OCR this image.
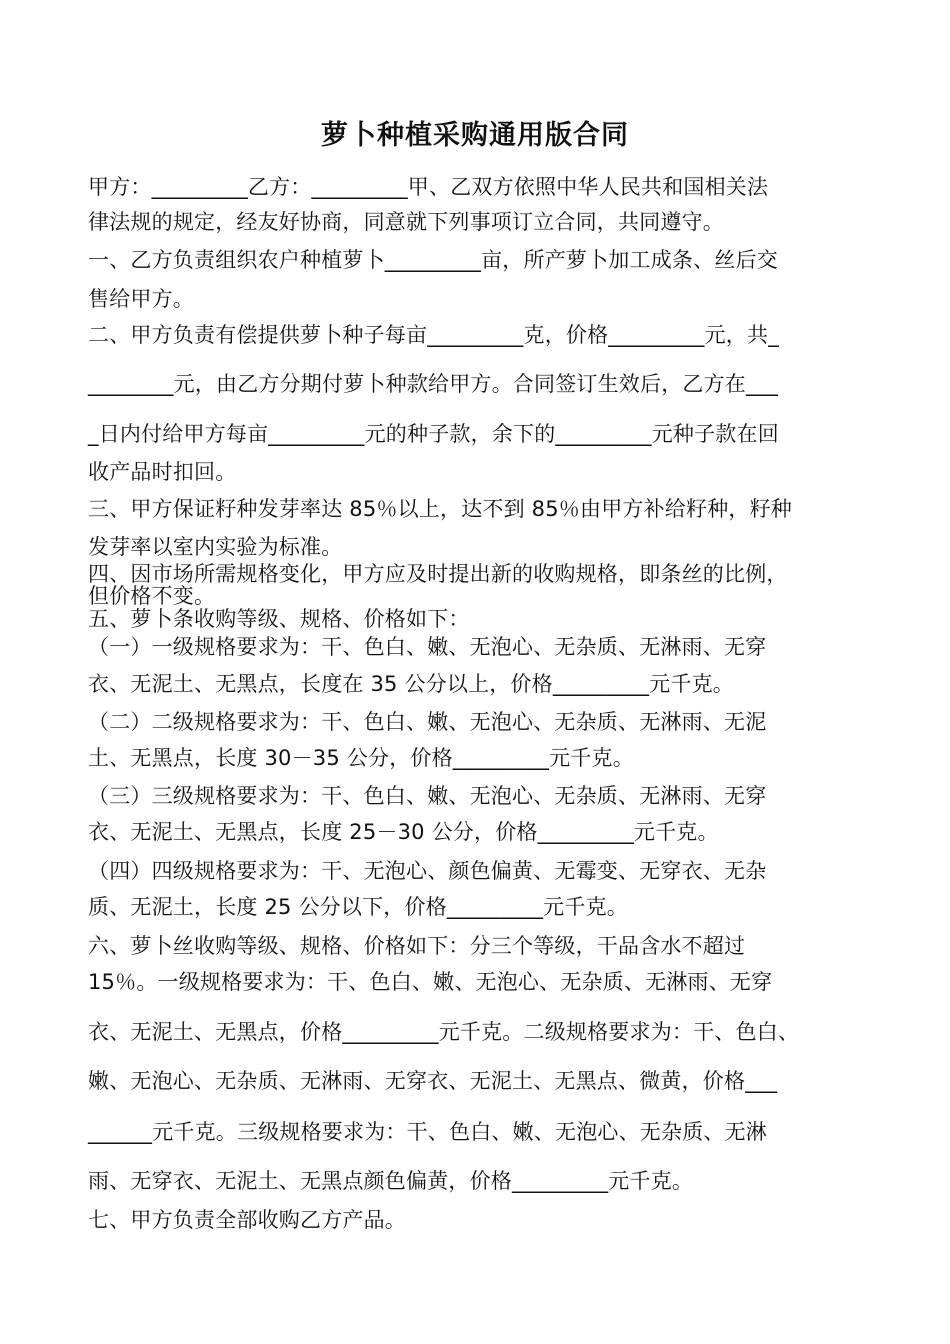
萝卜种植采购通用版合同
甲方：_________乙方：_________甲、乙双方依照中华人民共和国相关法
律法规的规定，经友好协商，同意就下列事项订立合同，共同遵守。
一、乙方负责组织农户种植萝卜_________亩，所产萝卜加工成条、丝后交
售给甲方。
二、甲方负责有偿提供萝卜种子每亩_________克，价格_________元，共_
________元，由乙方分期付萝卜种款给甲方。合同签订生效后，乙方在___
_日内付给甲方每亩_________元的种子款，余下的_________元种子款在回
收产品时扣回。
三、甲方保证籽种发芽率达 85％以上，达不到 85％由甲方补给籽种，籽种
发芽率以室内实验为标准。
四、因市场所需规格变化，甲方应及时提出新的收购规格，即条丝的比例，
但价格不变。
五、萝卜条收购等级、规格、价格如下：
（一）一级规格要求为：干、色白、嫩、无泡心、无杂质、无淋雨、无穿
衣、无泥土、无黑点，长度在 35 公分以上，价格_________元千克。
（二）二级规格要求为：干、色白、嫩、无泡心、无杂质、无淋雨、无泥
土、无黑点，长度 30－35 公分，价格_________元千克。
（三）三级规格要求为：干、色白、嫩、无泡心、无杂质、无淋雨、无穿
衣、无泥土、无黑点，长度 25－30 公分，价格_________元千克。
（四）四级规格要求为：干、无泡心、颜色偏黄、无霉变、无穿衣、无杂
质、无泥土，长度 25 公分以下，价格_________元千克。
六、萝卜丝收购等级、规格、价格如下：分三个等级，干品含水不超过
15％。一级规格要求为：干、色白、嫩、无泡心、无杂质、无淋雨、无穿
衣、无泥土、无黑点，价格_________元千克。二级规格要求为：干、色白、
嫩、无泡心、无杂质、无淋雨、无穿衣、无泥土、无黑点、微黄，价格___
______元千克。三级规格要求为：干、色白、嫩、无泡心、无杂质、无淋
雨、无穿衣、无泥土、无黑点颜色偏黄，价格_________元千克。
七、甲方负责全部收购乙方产品。
